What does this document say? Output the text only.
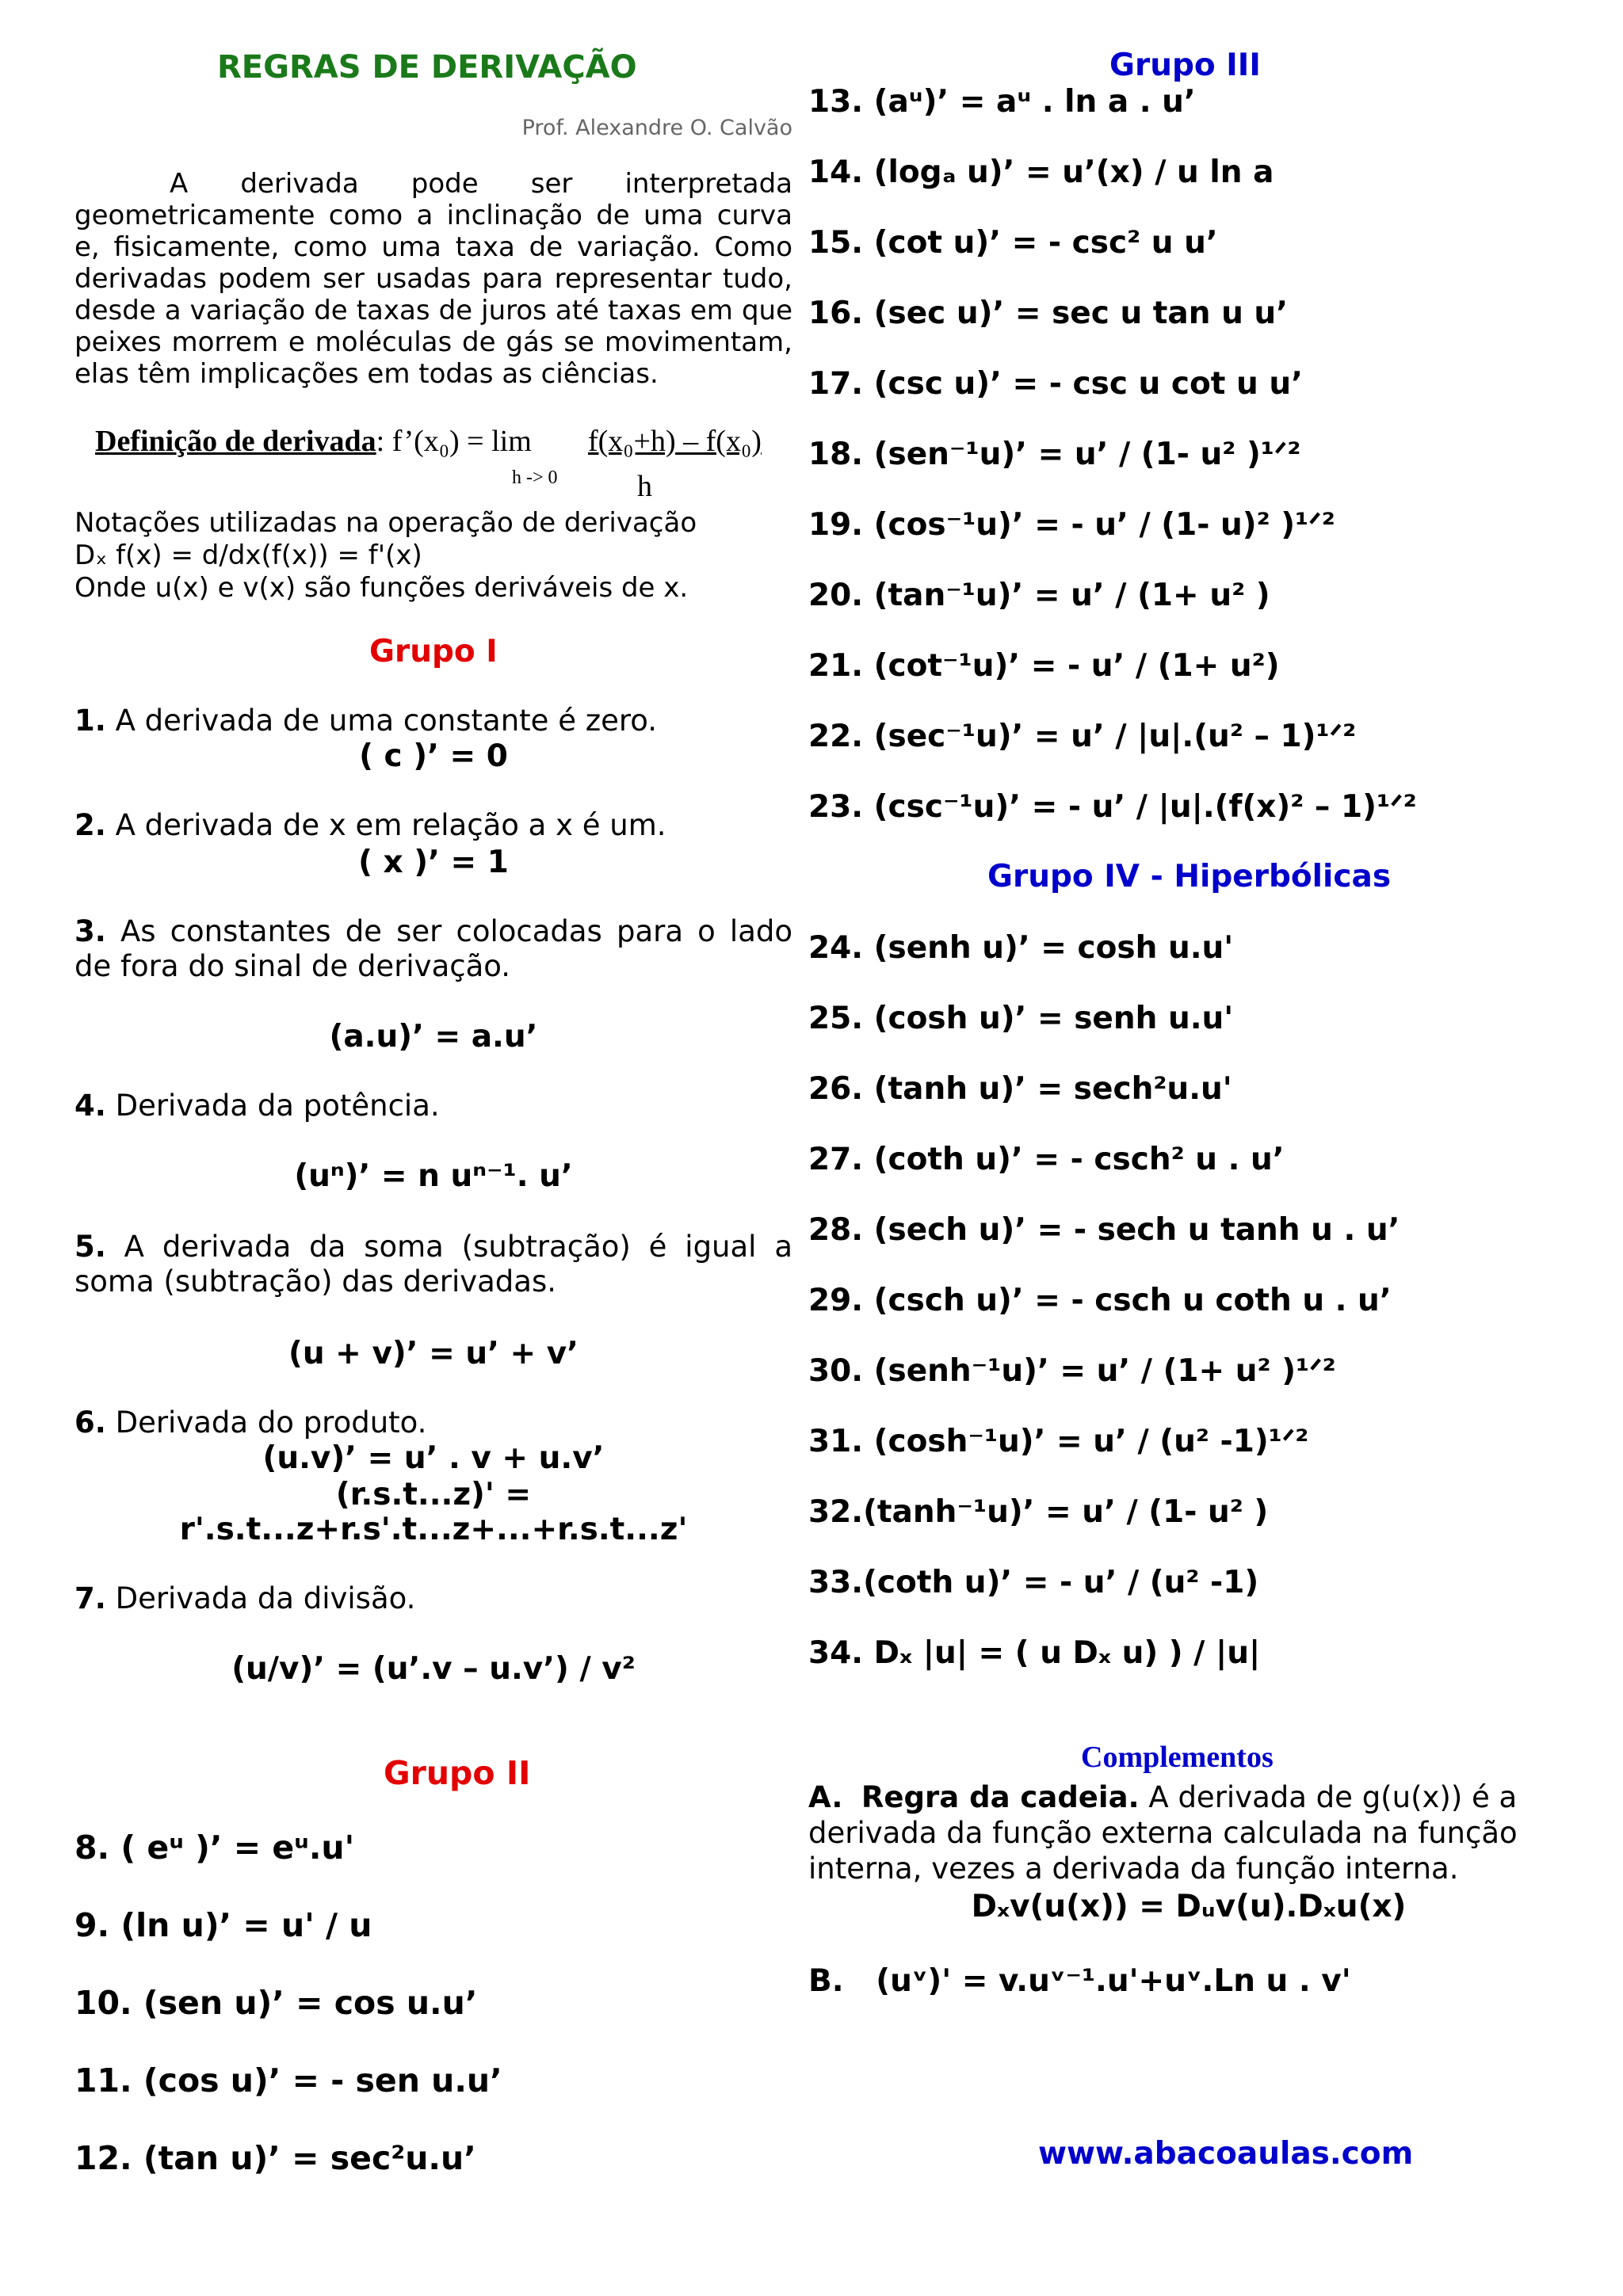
REGRAS DE DERIVAÇÃO
Prof. Alexandre O. Calvão
A derivada pode ser interpretada geometricamente como a inclinação de uma curva e, fisicamente, como uma taxa de variação. Como derivadas podem ser usadas para representar tudo, desde a variação de taxas de juros até taxas em que peixes morrem e moléculas de gás se movimentam, elas têm implicações em todas as ciências.
Definição de derivada: f’(x₀) = lim f(x₀+h) – f(x₀)
h -> 0	h
Notações utilizadas na operação de derivação
Dₓ f(x) = d/dx(f(x)) = f'(x)
Onde u(x) e v(x) são funções deriváveis de x.
Grupo I
1. A derivada de uma constante é zero.
( c )’ = 0
2. A derivada de x em relação a x é um.
( x )’ = 1
3. As constantes de ser colocadas para o lado de fora do sinal de derivação.
(a.u)’ = a.u’
4. Derivada da potência.
(uⁿ)’ = n uⁿ⁻¹. u’
5. A derivada da soma (subtração) é igual a soma (subtração) das derivadas.
(u + v)’ = u’ + v’
6. Derivada do produto.
(u.v)’ = u’ . v + u.v’
(r.s.t...z)' =
r'.s.t...z+r.s'.t...z+...+r.s.t...z'
7. Derivada da divisão.
(u/v)’ = (u’.v – u.v’) / v²
Grupo II
8. ( eᵘ )’ = eᵘ.u'
9. (ln u)’ = u' / u
10. (sen u)’ = cos u.u’
11. (cos u)’ = - sen u.u’
12. (tan u)’ = sec²u.u’
Grupo III
13. (aᵘ)’ = aᵘ . ln a . u’
14. (logₐ u)’ = u’(x) / u ln a
15. (cot u)’ = - csc² u u’
16. (sec u)’ = sec u tan u u’
17. (csc u)’ = - csc u cot u u’
18. (sen⁻¹u)’ = u’ / (1- u² )¹ᐟ²
19. (cos⁻¹u)’ = - u’ / (1- u)² )¹ᐟ²
20. (tan⁻¹u)’ = u’ / (1+ u² )
21. (cot⁻¹u)’ = - u’ / (1+ u²)
22. (sec⁻¹u)’ = u’ / |u|.(u² – 1)¹ᐟ²
23. (csc⁻¹u)’ = - u’ / |u|.(f(x)² – 1)¹ᐟ²
Grupo IV - Hiperbólicas
24. (senh u)’ = cosh u.u'
25. (cosh u)’ = senh u.u'
26. (tanh u)’ = sech²u.u'
27. (coth u)’ = - csch² u . u’
28. (sech u)’ = - sech u tanh u . u’
29. (csch u)’ = - csch u coth u . u’
30. (senh⁻¹u)’ = u’ / (1+ u² )¹ᐟ²
31. (cosh⁻¹u)’ = u’ / (u² -1)¹ᐟ²
32.(tanh⁻¹u)’ = u’ / (1- u² )
33.(coth u)’ = - u’ / (u² -1)
34. Dₓ |u| = ( u Dₓ u) ) / |u|
Complementos
A. Regra da cadeia. A derivada de g(u(x)) é a derivada da função externa calculada na função interna, vezes a derivada da função interna.
Dₓv(u(x)) = Dᵤv(u).Dₓu(x)
B. (uᵛ)' = v.uᵛ⁻¹.u'+uᵛ.Ln u . v'
www.abacoaulas.com
